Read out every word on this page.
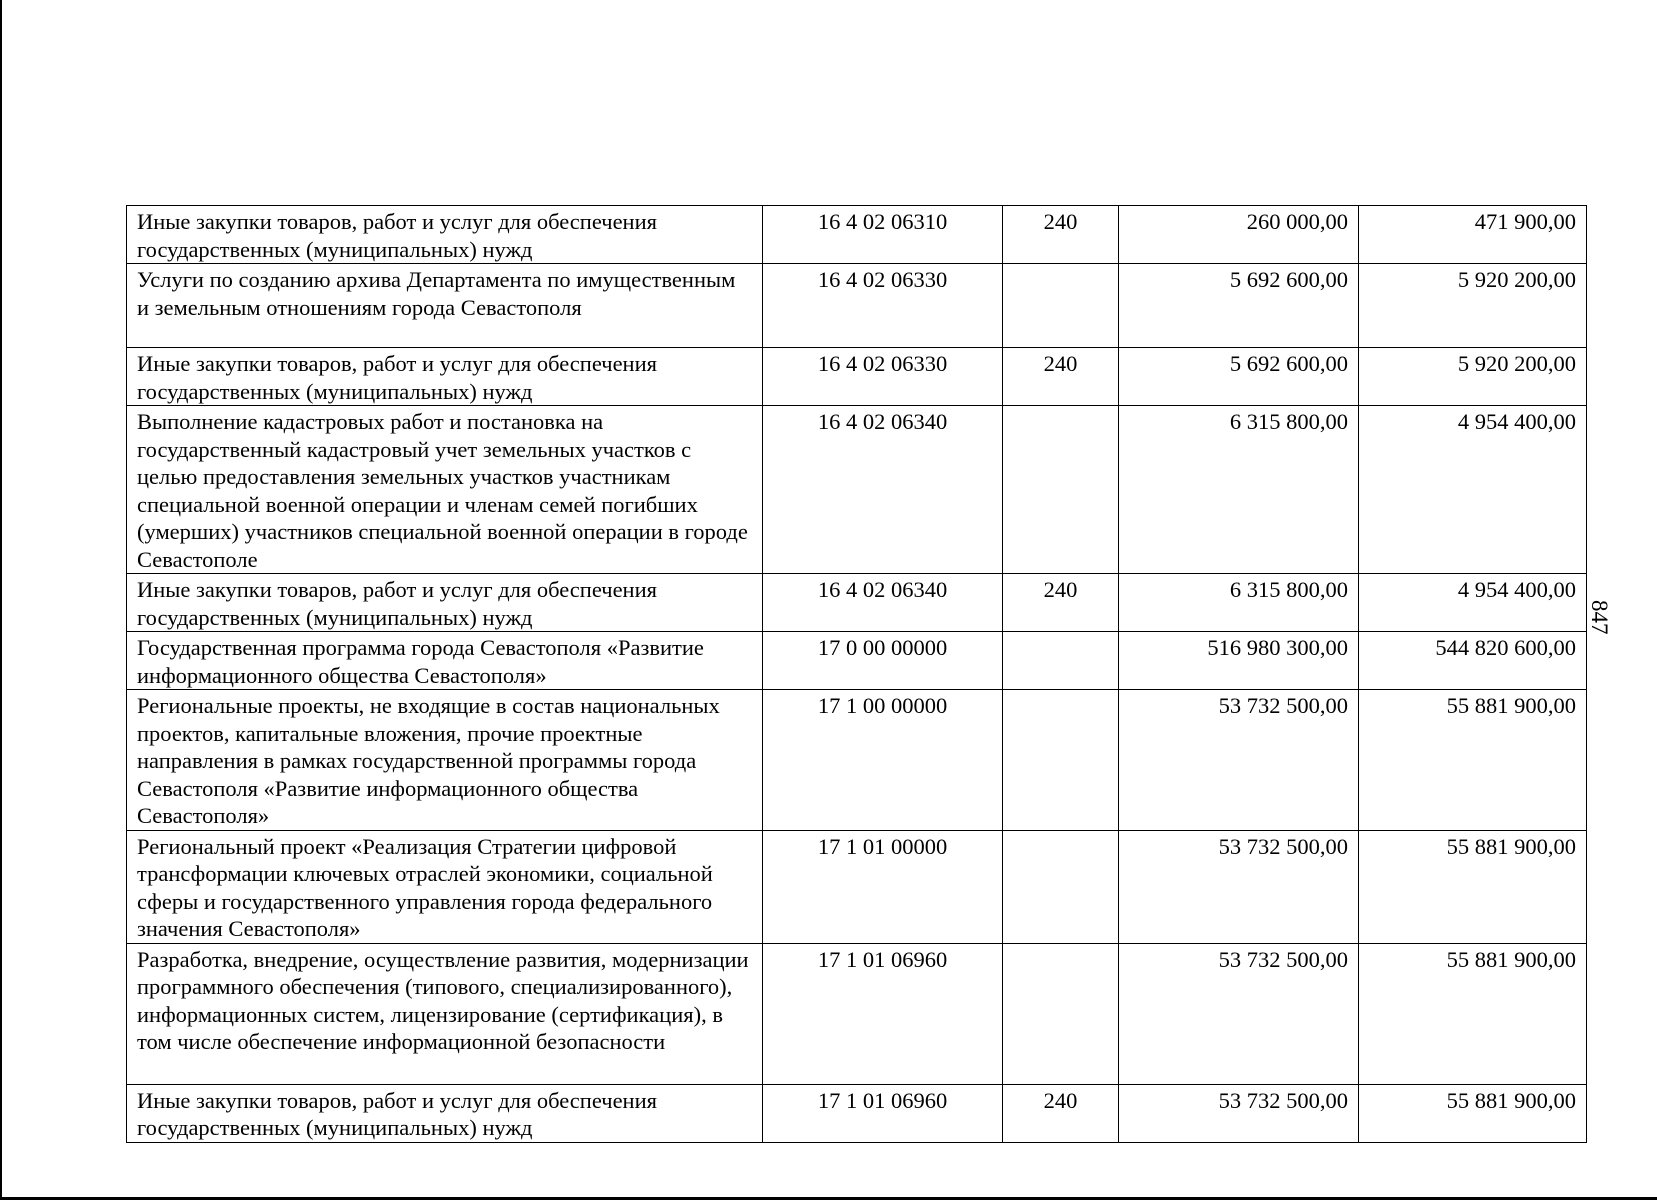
Иные закупки товаров, работ и услуг для обеспечения государственных (муниципальных) нужд	16 4 02 06310	240	260 000,00	471 900,00
Услуги по созданию архива Департамента по имущественным и земельным отношениям города Севастополя	16 4 02 06330		5 692 600,00	5 920 200,00
Иные закупки товаров, работ и услуг для обеспечения государственных (муниципальных) нужд	16 4 02 06330	240	5 692 600,00	5 920 200,00
Выполнение кадастровых работ и постановка на государственный кадастровый учет земельных участков с целью предоставления земельных участков участникам специальной военной операции и членам семей погибших (умерших) участников специальной военной операции в городе Севастополе	16 4 02 06340		6 315 800,00	4 954 400,00
Иные закупки товаров, работ и услуг для обеспечения государственных (муниципальных) нужд	16 4 02 06340	240	6 315 800,00	4 954 400,00
Государственная программа города Севастополя «Развитие информационного общества Севастополя»	17 0 00 00000		516 980 300,00	544 820 600,00
Региональные проекты, не входящие в состав национальных проектов, капитальные вложения, прочие проектные направления в рамках государственной программы города Севастополя «Развитие информационного общества Севастополя»	17 1 00 00000		53 732 500,00	55 881 900,00
Региональный проект «Реализация Стратегии цифровой трансформации ключевых отраслей экономики, социальной сферы и государственного управления города федерального значения Севастополя»	17 1 01 00000		53 732 500,00	55 881 900,00
Разработка, внедрение, осуществление развития, модернизации программного обеспечения (типового, специализированного), информационных систем, лицензирование (сертификация), в том числе обеспечение информационной безопасности	17 1 01 06960		53 732 500,00	55 881 900,00
Иные закупки товаров, работ и услуг для обеспечения государственных (муниципальных) нужд	17 1 01 06960	240	53 732 500,00	55 881 900,00
847
